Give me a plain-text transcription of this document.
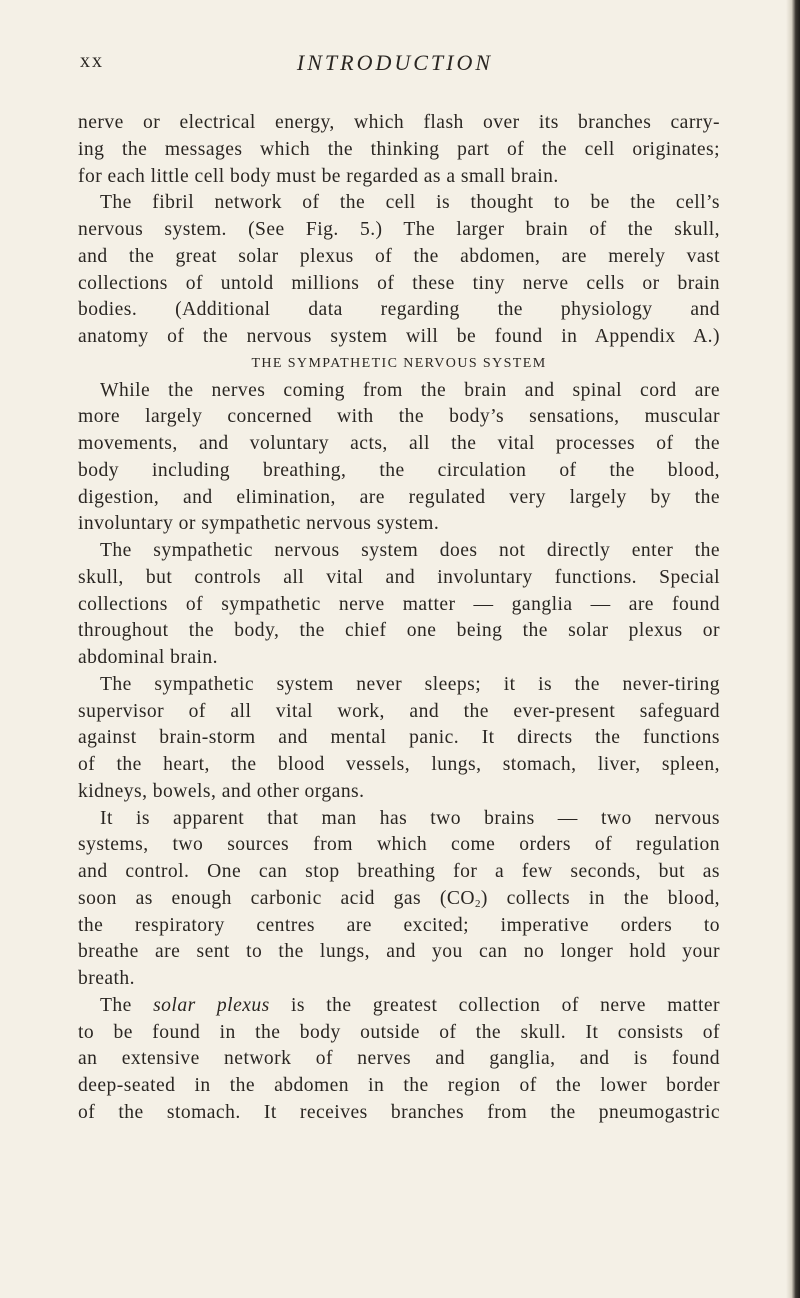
xx	INTRODUCTION
nerve or electrical energy, which flash over its branches carry-
ing the messages which the thinking part of the cell originates;
for each little cell body must be regarded as a small brain.
The fibril network of the cell is thought to be the cell’s
nervous system. (See Fig. 5.) The larger brain of the skull,
and the great solar plexus of the abdomen, are merely vast
collections of untold millions of these tiny nerve cells or brain
bodies. (Additional data regarding the physiology and
anatomy of the nervous system will be found in Appendix A.)
THE SYMPATHETIC NERVOUS SYSTEM
While the nerves coming from the brain and spinal cord are
more largely concerned with the body’s sensations, muscular
movements, and voluntary acts, all the vital processes of the
body including breathing, the circulation of the blood,
digestion, and elimination, are regulated very largely by the
involuntary or sympathetic nervous system.
The sympathetic nervous system does not directly enter the
skull, but controls all vital and involuntary functions. Special
collections of sympathetic nerve matter — ganglia — are found
throughout the body, the chief one being the solar plexus or
abdominal brain.
The sympathetic system never sleeps; it is the never-tiring
supervisor of all vital work, and the ever-present safeguard
against brain-storm and mental panic. It directs the functions
of the heart, the blood vessels, lungs, stomach, liver, spleen,
kidneys, bowels, and other organs.
It is apparent that man has two brains — two nervous
systems, two sources from which come orders of regulation
and control. One can stop breathing for a few seconds, but as
soon as enough carbonic acid gas $(CO_2)$ collects in the blood,
the respiratory centres are excited; imperative orders to
breathe are sent to the lungs, and you can no longer hold your
breath.
The solar plexus is the greatest collection of nerve matter
to be found in the body outside of the skull. It consists of
an extensive network of nerves and ganglia, and is found
deep-seated in the abdomen in the region of the lower border
of the stomach. It receives branches from the pneumogastric
